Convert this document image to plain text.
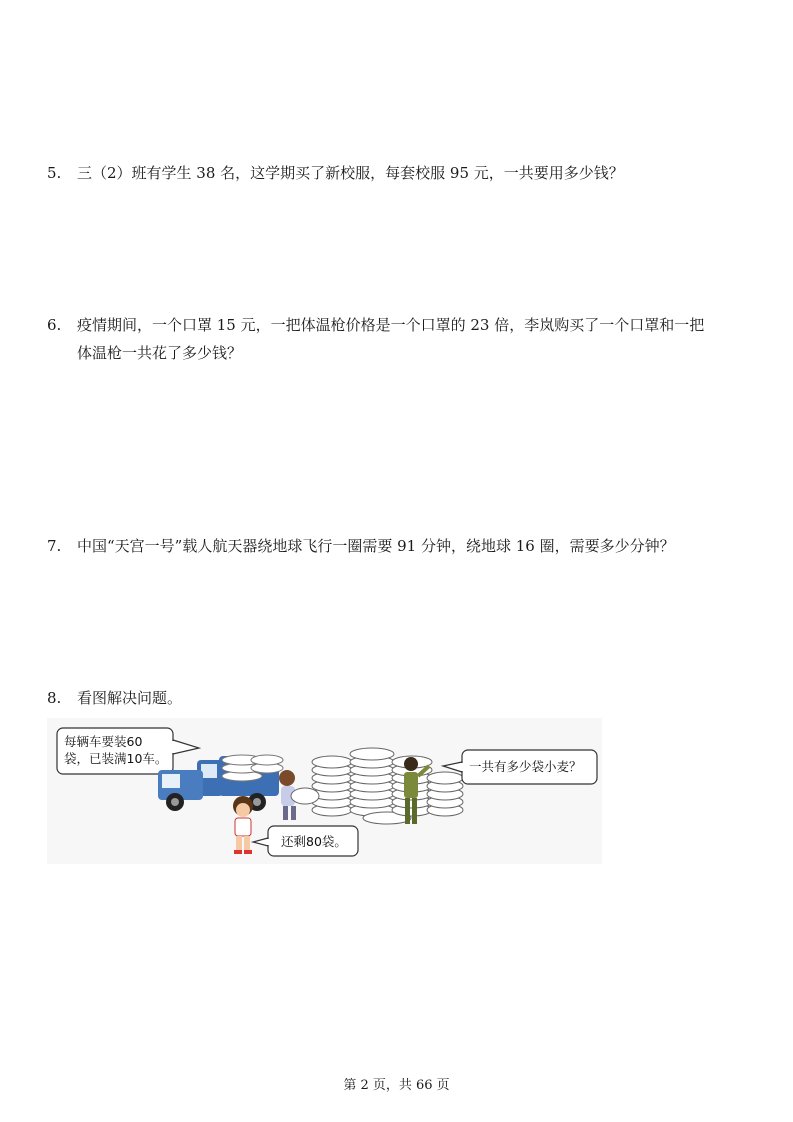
5. 三（2）班有学生 38 名，这学期买了新校服，每套校服 95 元，一共要用多少钱？
6. 疫情期间，一个口罩 15 元，一把体温枪价格是一个口罩的 23 倍，李岚购买了一个口罩和一把
体温枪一共花了多少钱？
7. 中国“天宫一号”载人航天器绕地球飞行一圈需要 91 分钟，绕地球 16 圈，需要多少分钟？
8. 看图解决问题。
每辆车要装60
袋，已装满10车。
一共有多少袋小麦？
还剩80袋。
第 2 页，共 66 页
